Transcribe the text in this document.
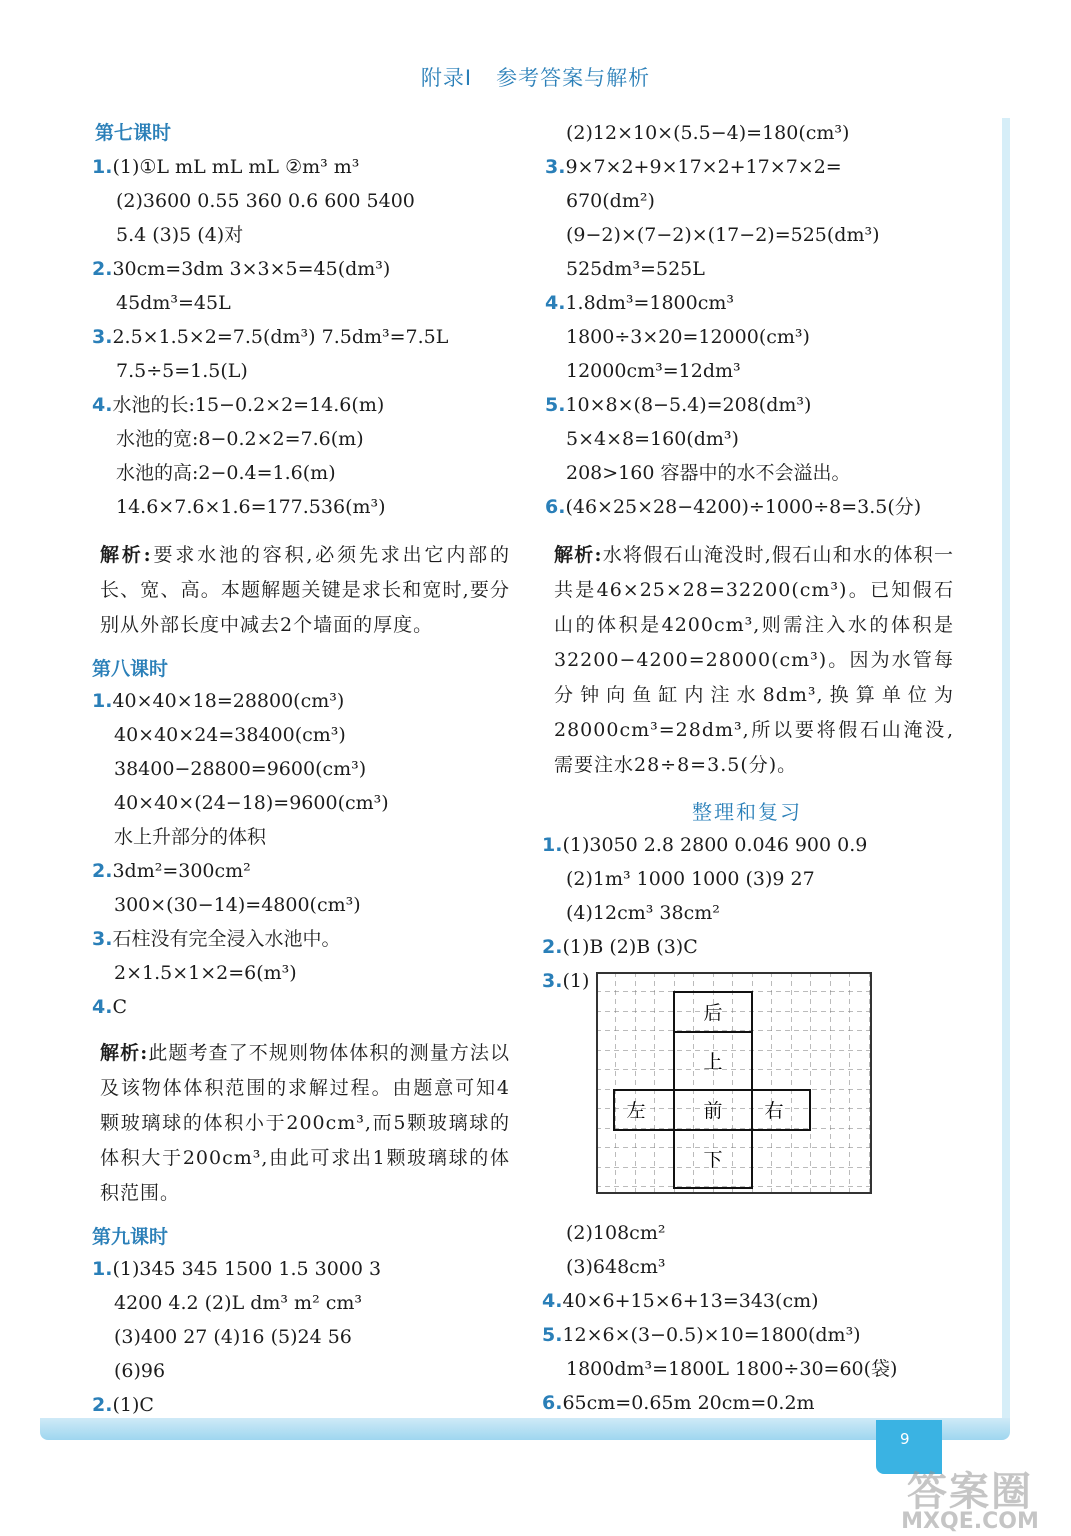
附录Ⅰ 参考答案与解析
第七课时
1.(1)①L mL mL mL ②m³ m³
(2)3600 0.55 360 0.6 600 5400
5.4 (3)5 (4)对
2.30cm=3dm 3×3×5=45(dm³)
45dm³=45L
3.2.5×1.5×2=7.5(dm³) 7.5dm³=7.5L
7.5÷5=1.5(L)
4.水池的长:15−0.2×2=14.6(m)
水池的宽:8−0.2×2=7.6(m)
水池的高:2−0.4=1.6(m)
14.6×7.6×1.6=177.536(m³)
解析:要求水池的容积,必须先求出它内部的长、宽、高。本题解题关键是求长和宽时,要分别从外部长度中减去2个墙面的厚度。
第八课时
1.40×40×18=28800(cm³)
40×40×24=38400(cm³)
38400−28800=9600(cm³)
40×40×(24−18)=9600(cm³)
水上升部分的体积
2.3dm²=300cm²
300×(30−14)=4800(cm³)
3.石柱没有完全浸入水池中。
2×1.5×1×2=6(m³)
4.C
解析:此题考查了不规则物体体积的测量方法以及该物体体积范围的求解过程。由题意可知4颗玻璃球的体积小于200cm³,而5颗玻璃球的体积大于200cm³,由此可求出1颗玻璃球的体积范围。
第九课时
1.(1)345 345 1500 1.5 3000 3
4200 4.2 (2)L dm³ m² cm³
(3)400 27 (4)16 (5)24 56
(6)96
2.(1)C
(2)12×10×(5.5−4)=180(cm³)
3.9×7×2+9×17×2+17×7×2=
670(dm²)
(9−2)×(7−2)×(17−2)=525(dm³)
525dm³=525L
4.1.8dm³=1800cm³
1800÷3×20=12000(cm³)
12000cm³=12dm³
5.10×8×(8−5.4)=208(dm³)
5×4×8=160(dm³)
208>160 容器中的水不会溢出。
6.(46×25×28−4200)÷1000÷8=3.5(分)
解析:水将假石山淹没时,假石山和水的体积一共是46×25×28=32200(cm³)。已知假石山的体积是4200cm³,则需注入水的体积是32200−4200=28000(cm³)。因为水管每分钟向鱼缸内注水8dm³,换算单位为28000cm³=28dm³,所以要将假石山淹没,需要注水28÷8=3.5(分)。
整理和复习
1.(1)3050 2.8 2800 0.046 900 0.9
(2)1m³ 1000 1000 (3)9 27
(4)12cm³ 38cm²
2.(1)B (2)B (3)C
3.(1)
后
上
左	前 右
下
(2)108cm²
(3)648cm³
4.40×6+15×6+13=343(cm)
5.12×6×(3−0.5)×10=1800(dm³)
1800dm³=1800L 1800÷30=60(袋)
6.65cm=0.65m 20cm=0.2m
9
答案圈
MXQE.COM
